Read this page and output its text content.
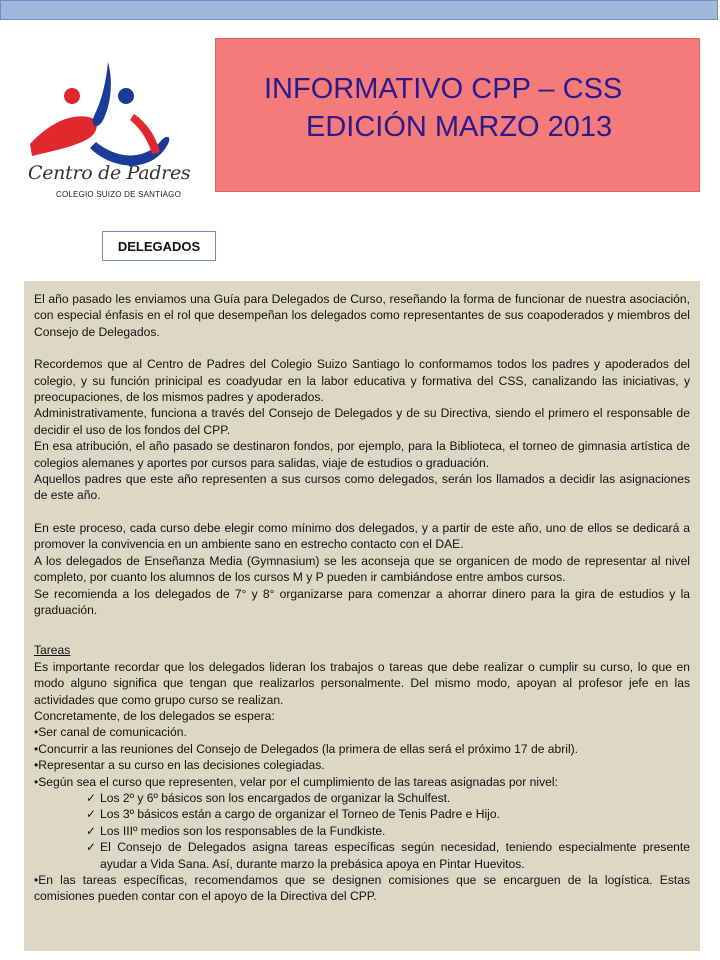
Centro de Padres
COLEGIO SUIZO DE SANTIAGO
INFORMATIVO CPP – CSS
EDICIÓN MARZO 2013
DELEGADOS

El año pasado les enviamos una Guía para Delegados de Curso, reseñando la forma de funcionar de nuestra asociación, con especial énfasis en el rol que desempeñan los delegados como representantes de sus coapoderados y miembros del Consejo de Delegados.

Recordemos que al Centro de Padres del Colegio Suizo Santiago lo conformamos todos los padres y apoderados del colegio, y su función prinicipal es coadyudar en la labor educativa y formativa del CSS, canalizando las iniciativas, y preocupaciones, de los mismos padres y apoderados.

Administrativamente, funciona a través del Consejo de Delegados y de su Directiva, siendo el primero el responsable de decidir el uso de los fondos del CPP.

En esa atribución, el año pasado se destinaron fondos, por ejemplo, para la Biblioteca, el torneo de gimnasia artística de colegios alemanes y aportes por cursos para salidas, viaje de estudios o graduación.

Aquellos padres que este año representen a sus cursos como delegados, serán los llamados a decidir las asignaciones de este año.

En este proceso, cada curso debe elegir como mínimo dos delegados, y a partir de este año, uno de ellos se dedicará a promover la convivencia en un ambiente sano en estrecho contacto con el DAE.

A los delegados de Enseñanza Media (Gymnasium) se les aconseja que se organicen de modo de representar al nivel completo, por cuanto los alumnos de los cursos M y P pueden ir cambiándose entre ambos cursos.

Se recomienda a los delegados de 7° y 8° organizarse para comenzar a ahorrar dinero para la gira de estudios y la graduación.

Tareas

Es importante recordar que los delegados lideran los trabajos o tareas que debe realizar o cumplir su curso, lo que en modo alguno significa que tengan que realizarlos personalmente. Del mismo modo, apoyan al profesor jefe en las actividades que como grupo curso se realizan.

Concretamente, de los delegados se espera:

•Ser canal de comunicación.

•Concurrir a las reuniones del Consejo de Delegados (la primera de ellas será el próximo 17 de abril).

•Representar a su curso en las decisiones colegiadas.

•Según sea el curso que representen, velar por el cumplimiento de las tareas asignadas por nivel:

✓ Los 2º y 6º básicos son los encargados de organizar la Schulfest.
✓ Los 3º básicos están a cargo de organizar el Torneo de Tenis Padre e Hijo.
✓ Los IIIº medios son los responsables de la Fundkiste.
✓ El Consejo de Delegados asigna tareas específicas según necesidad, teniendo especialmente presente ayudar a Vida Sana. Así, durante marzo la prebásica apoya en Pintar Huevitos.

•En las tareas específicas, recomendamos que se designen comisiones que se encarguen de la logística. Estas comisiones pueden contar con el apoyo de la Directiva del CPP.
